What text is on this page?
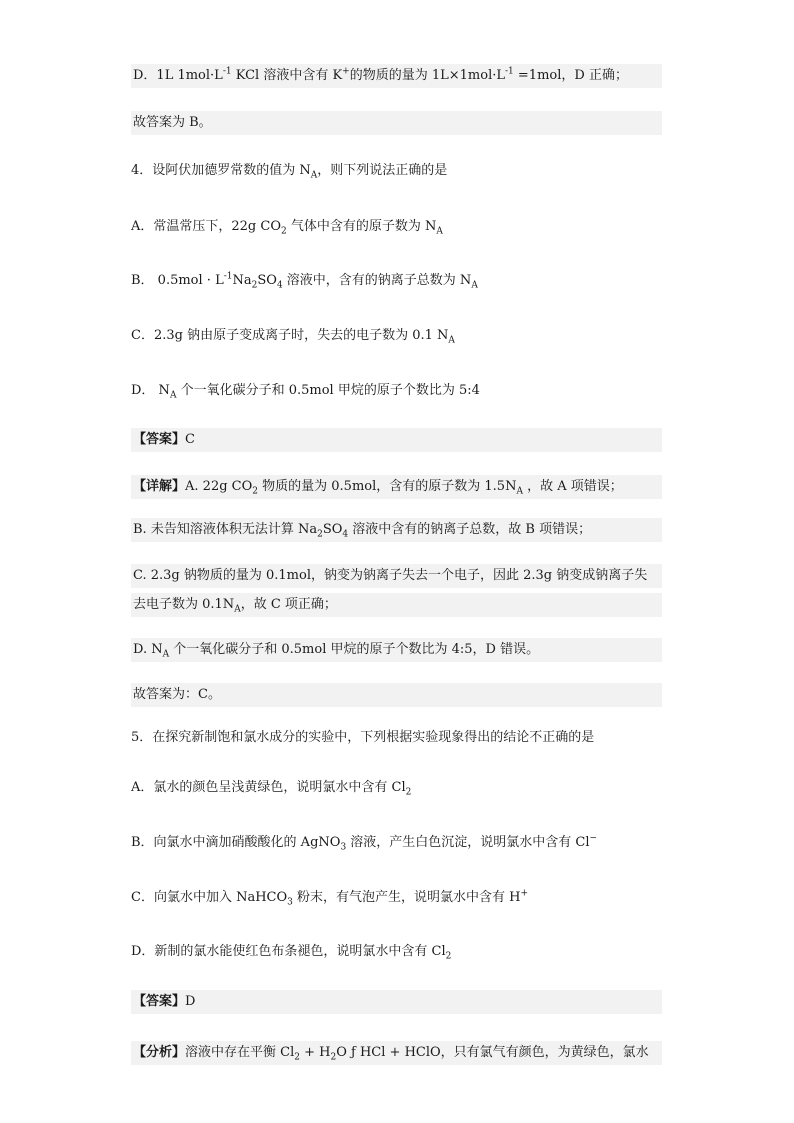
D．1L $1mol\cdot L^{-1}$ KCl 溶液中含有 K+的物质的量为 $1L\times 1mol\cdot L^{-1} =1mol$，D 正确；
故答案为 B。
4．设阿伏加德罗常数的值为 $N_A$，则下列说法正确的是
A．常温常压下，22g $CO_2$ 气体中含有的原子数为 $N_A$
B． $0.5mol \cdot L^{-1}Na_2SO_4$ 溶液中，含有的钠离子总数为 $N_A$
C．2.3g 钠由原子变成离子时，失去的电子数为 0.1 $N_A$
D． $N_A$ 个一氧化碳分子和 0.5mol 甲烷的原子个数比为 5:4
【答案】C
【详解】A. 22g $CO_2$ 物质的量为 0.5mol，含有的原子数为 $1.5N_A$ ，故 A 项错误；
B. 未告知溶液体积无法计算 $Na_2SO_4$ 溶液中含有的钠离子总数，故 B 项错误；
C. 2.3g 钠物质的量为 0.1mol，钠变为钠离子失去一个电子，因此 2.3g 钠变成钠离子失
去电子数为 $0.1N_A$，故 C 项正确；
D. $N_A$ 个一氧化碳分子和 0.5mol 甲烷的原子个数比为 4:5，D 错误。
故答案为：C。
5．在探究新制饱和氯水成分的实验中，下列根据实验现象得出的结论不正确的是
A．氯水的颜色呈浅黄绿色，说明氯水中含有 $Cl_2$
B．向氯水中滴加硝酸酸化的 AgNO$_3$ 溶液，产生白色沉淀，说明氯水中含有 Cl−
C．向氯水中加入 NaHCO$_3$ 粉末，有气泡产生，说明氯水中含有 H+
D．新制的氯水能使红色布条褪色，说明氯水中含有 $Cl_2$
【答案】D
【分析】溶液中存在平衡 $Cl_2 + H_2O$ ƒ HCl + HClO，只有氯气有颜色，为黄绿色，氯水
